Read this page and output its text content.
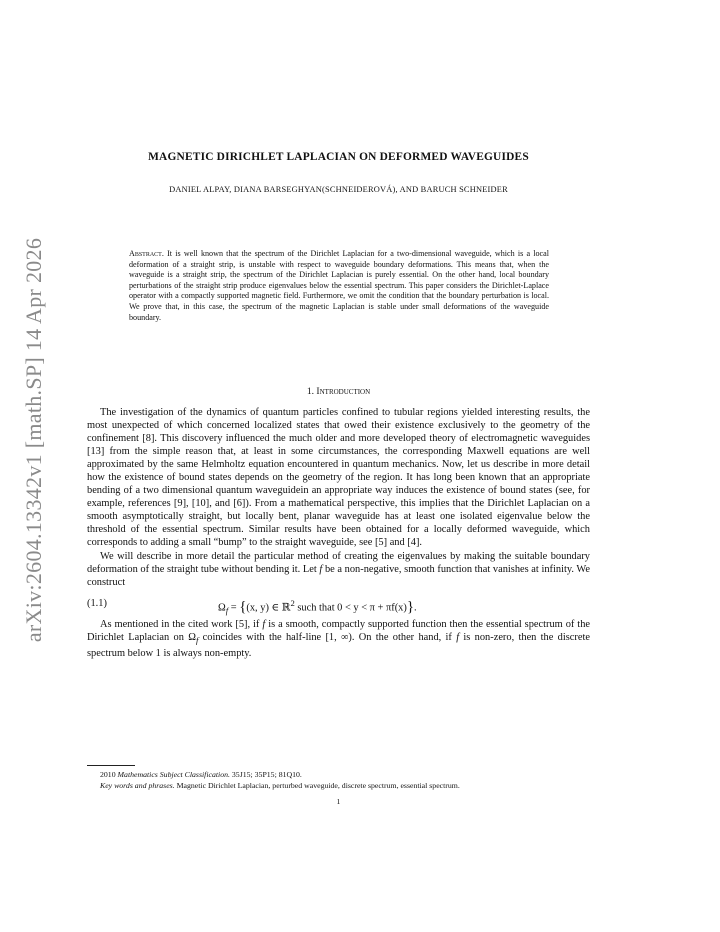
arXiv:2604.13342v1 [math.SP] 14 Apr 2026
MAGNETIC DIRICHLET LAPLACIAN ON DEFORMED WAVEGUIDES
DANIEL ALPAY, DIANA BARSEGHYAN(SCHNEIDEROVÁ), AND BARUCH SCHNEIDER
Abstract. It is well known that the spectrum of the Dirichlet Laplacian for a two-dimensional waveguide, which is a local deformation of a straight strip, is unstable with respect to waveguide boundary deformations. This means that, when the waveguide is a straight strip, the spectrum of the Dirichlet Laplacian is purely essential. On the other hand, local boundary perturbations of the straight strip produce eigenvalues below the essential spectrum. This paper considers the Dirichlet-Laplace operator with a compactly supported magnetic field. Furthermore, we omit the condition that the boundary perturbation is local. We prove that, in this case, the spectrum of the magnetic Laplacian is stable under small deformations of the waveguide boundary.
1. Introduction

The investigation of the dynamics of quantum particles confined to tubular regions yielded interesting results, the most unexpected of which concerned localized states that owed their existence exclusively to the geometry of the confinement [8]. This discovery influenced the much older and more developed theory of electromagnetic waveguides [13] from the simple reason that, at least in some circumstances, the corresponding Maxwell equations are well approximated by the same Helmholtz equation encountered in quantum mechanics. Now, let us describe in more detail how the existence of bound states depends on the geometry of the region. It has long been known that an appropriate bending of a two dimensional quantum waveguidein an appropriate way induces the existence of bound states (see, for example, references [9], [10], and [6]). From a mathematical perspective, this implies that the Dirichlet Laplacian on a smooth asymptotically straight, but locally bent, planar waveguide has at least one isolated eigenvalue below the threshold of the essential spectrum. Similar results have been obtained for a locally deformed waveguide, which corresponds to adding a small “bump” to the straight waveguide, see [5] and [4].

We will describe in more detail the particular method of creating the eigenvalues by making the suitable boundary deformation of the straight tube without bending it. Let f be a non-negative, smooth function that vanishes at infinity. We construct

(1.1)	$\Omega_f = \{(x$, y) ∈ ℝ$^2$ such that 0 < y < π + πf(x)}.

As mentioned in the cited work [5], if f is a smooth, compactly supported function then the essential spectrum of the Dirichlet Laplacian on $\Omega_f$ coincides with the half-line [1, ∞). On the other hand, if f is non-zero, then the discrete spectrum below 1 is always non-empty.

2010 Mathematics Subject Classification. 35J15; 35P15; 81Q10.

Key words and phrases. Magnetic Dirichlet Laplacian, perturbed waveguide, discrete spectrum, essential spectrum.

1
